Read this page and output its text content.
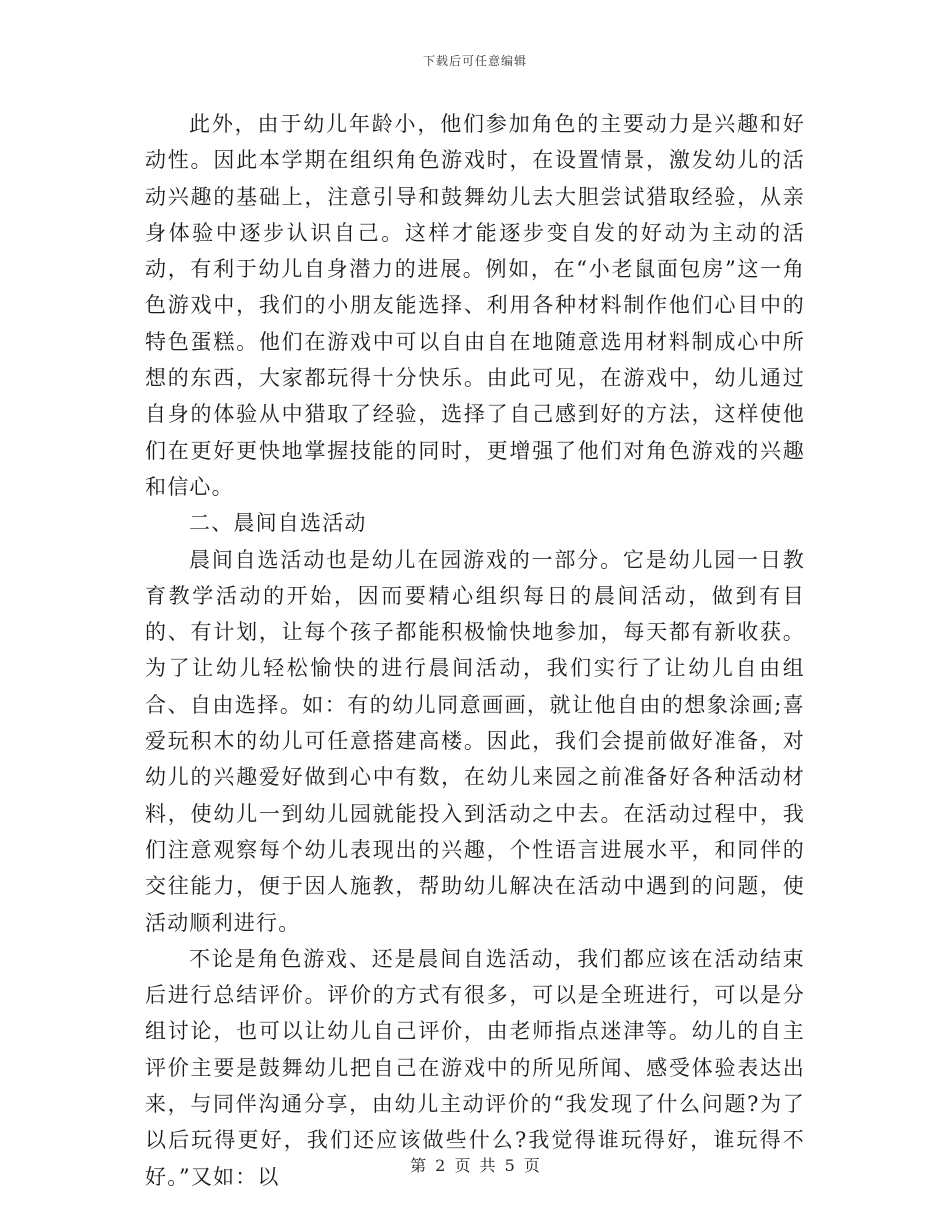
下载后可任意编辑

此外，由于幼儿年龄小，他们参加角色的主要动力是兴趣和好动性。因此本学期在组织角色游戏时，在设置情景，激发幼儿的活动兴趣的基础上，注意引导和鼓舞幼儿去大胆尝试猎取经验，从亲身体验中逐步认识自己。这样才能逐步变自发的好动为主动的活动，有利于幼儿自身潜力的进展。例如，在“小老鼠面包房”这一角色游戏中，我们的小朋友能选择、利用各种材料制作他们心目中的特色蛋糕。他们在游戏中可以自由自在地随意选用材料制成心中所想的东西，大家都玩得十分快乐。由此可见，在游戏中，幼儿通过自身的体验从中猎取了经验，选择了自己感到好的方法，这样使他们在更好更快地掌握技能的同时，更增强了他们对角色游戏的兴趣和信心。

二、晨间自选活动

晨间自选活动也是幼儿在园游戏的一部分。它是幼儿园一日教育教学活动的开始，因而要精心组织每日的晨间活动，做到有目的、有计划，让每个孩子都能积极愉快地参加，每天都有新收获。为了让幼儿轻松愉快的进行晨间活动，我们实行了让幼儿自由组合、自由选择。如：有的幼儿同意画画，就让他自由的想象涂画;喜爱玩积木的幼儿可任意搭建高楼。因此，我们会提前做好准备，对幼儿的兴趣爱好做到心中有数，在幼儿来园之前准备好各种活动材料，使幼儿一到幼儿园就能投入到活动之中去。在活动过程中，我们注意观察每个幼儿表现出的兴趣，个性语言进展水平，和同伴的交往能力，便于因人施教，帮助幼儿解决在活动中遇到的问题，使活动顺利进行。

不论是角色游戏、还是晨间自选活动，我们都应该在活动结束后进行总结评价。评价的方式有很多，可以是全班进行，可以是分组讨论，也可以让幼儿自己评价，由老师指点迷津等。幼儿的自主评价主要是鼓舞幼儿把自己在游戏中的所见所闻、感受体验表达出来，与同伴沟通分享，由幼儿主动评价的“我发现了什么问题?为了以后玩得更好，我们还应该做些什么?我觉得谁玩得好，谁玩得不好。”又如：以	第 2 页 共 5 页
